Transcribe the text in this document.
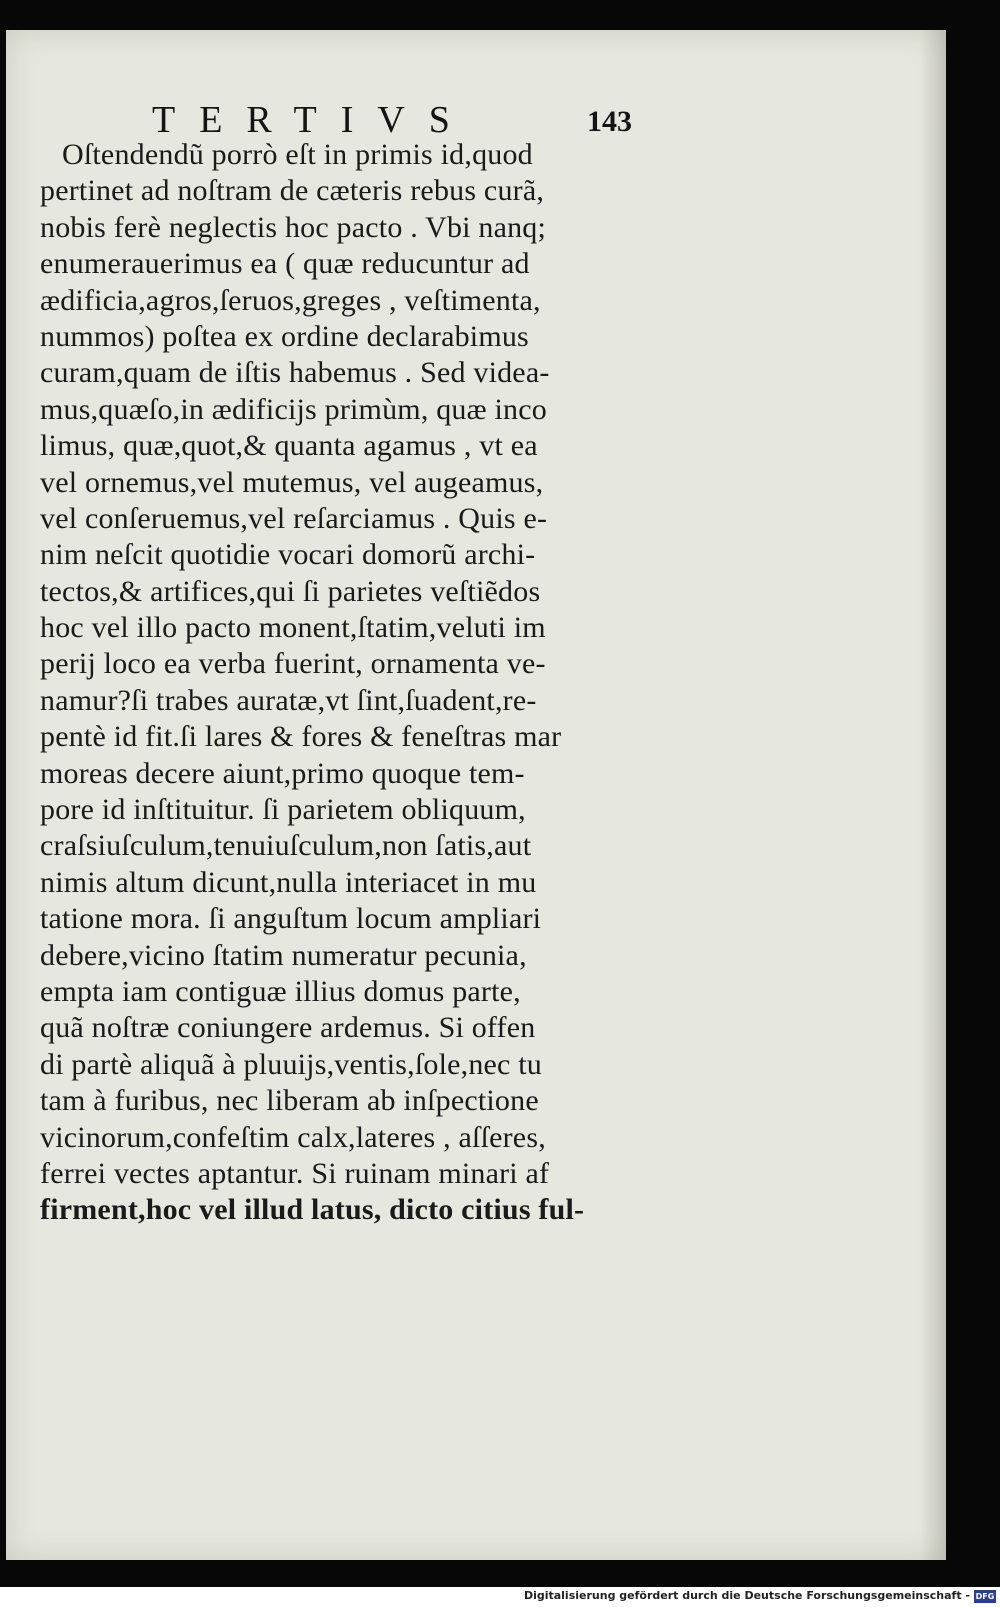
TERTIVS	143
Oſtendendũ porrò eſt in primis id,quod
pertinet ad noſtram de cæteris rebus curã,
nobis ferè neglectis hoc pacto . Vbi nanq;
enumerauerimus ea ( quæ reducuntur ad
ædificia,agros,ſeruos,greges , veſtimenta,
nummos) poſtea ex ordine declarabimus
curam,quam de iſtis habemus . Sed videa-
mus,quæſo,in ædificijs primùm, quæ inco
limus, quæ,quot,& quanta agamus , vt ea
vel ornemus,vel mutemus, vel augeamus,
vel conſeruemus,vel reſarciamus . Quis e-
nim neſcit quotidie vocari domorũ archi-
tectos,& artifices,qui ſi parietes veſtiẽdos
hoc vel illo pacto monent,ſtatim,veluti im
perij loco ea verba fuerint, ornamenta ve-
namur?ſi trabes auratæ,vt ſint,ſuadent,re-
pentè id fit.ſi lares & fores & feneſtras mar
moreas decere aiunt,primo quoque tem-
pore id inſtituitur. ſi parietem obliquum,
craſsiuſculum,tenuiuſculum,non ſatis,aut
nimis altum dicunt,nulla interiacet in mu
tatione mora. ſi anguſtum locum ampliari
debere,vicino ſtatim numeratur pecunia,
empta iam contiguæ illius domus parte,
quã noſtræ coniungere ardemus. Si offen
di partè aliquã à pluuijs,ventis,ſole,nec tu
tam à furibus, nec liberam ab inſpectione
vicinorum,confeſtim calx,lateres , aſſeres,
ferrei vectes aptantur. Si ruinam minari af
firment,hoc vel illud latus, dicto citius ful-
Digitalisierung gefördert durch die Deutsche Forschungsgemeinschaft - DFG
